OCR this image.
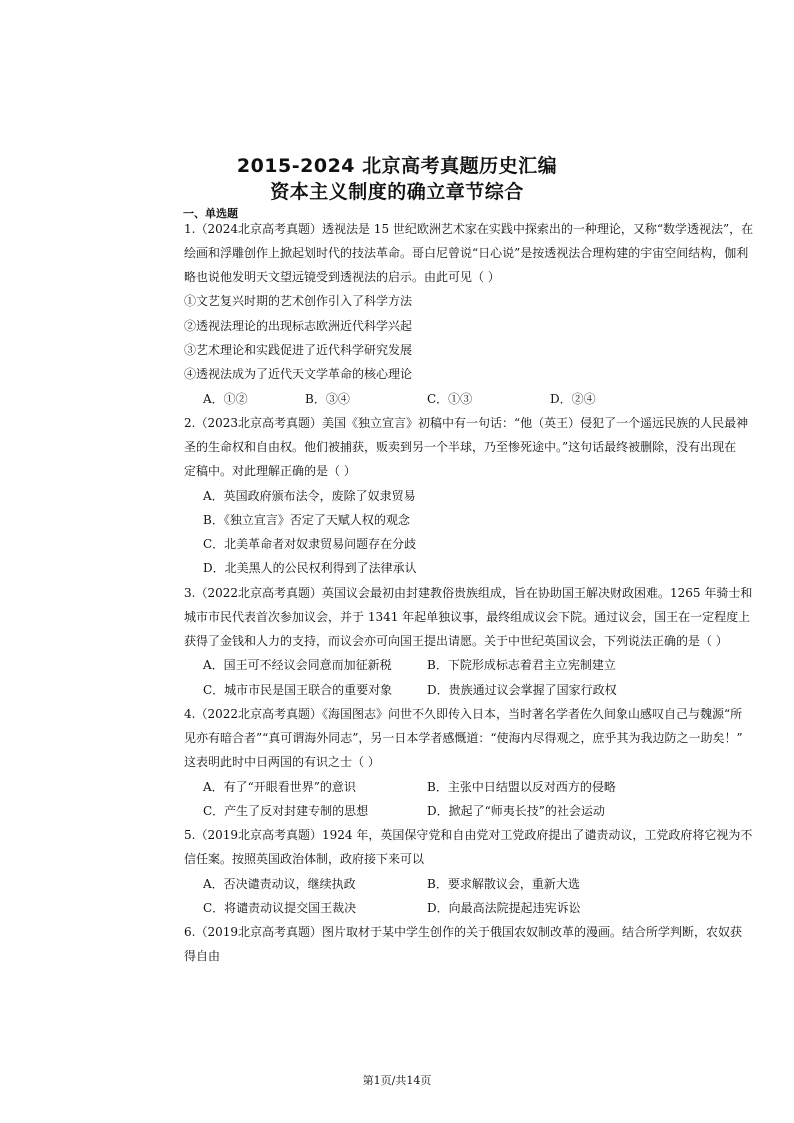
2015-2024 北京高考真题历史汇编
资本主义制度的确立章节综合
一、单选题
1.（2024北京高考真题）透视法是 15 世纪欧洲艺术家在实践中探索出的一种理论，又称“数学透视法”，在
绘画和浮雕创作上掀起划时代的技法革命。哥白尼曾说“日心说”是按透视法合理构建的宇宙空间结构，伽利
略也说他发明天文望远镜受到透视法的启示。由此可见（ ）
①文艺复兴时期的艺术创作引入了科学方法
②透视法理论的出现标志欧洲近代科学兴起
③艺术理论和实践促进了近代科学研究发展
④透视法成为了近代天文学革命的核心理论
A．①②	B．③④	C．①③	D．②④
2.（2023北京高考真题）美国《独立宣言》初稿中有一句话：“他（英王）侵犯了一个遥远民族的人民最神
圣的生命权和自由权。他们被捕获，贩卖到另一个半球，乃至惨死途中。”这句话最终被删除，没有出现在
定稿中。对此理解正确的是（ ）
A．英国政府颁布法令，废除了奴隶贸易
B．《独立宣言》否定了天赋人权的观念
C．北美革命者对奴隶贸易问题存在分歧
D．北美黑人的公民权利得到了法律承认
3.（2022北京高考真题）英国议会最初由封建教俗贵族组成，旨在协助国王解决财政困难。1265 年骑士和
城市市民代表首次参加议会，并于 1341 年起单独议事，最终组成议会下院。通过议会，国王在一定程度上
获得了金钱和人力的支持，而议会亦可向国王提出请愿。关于中世纪英国议会，下列说法正确的是（ ）
A．国王可不经议会同意而加征新税	B．下院形成标志着君主立宪制建立
C．城市市民是国王联合的重要对象	D．贵族通过议会掌握了国家行政权
4.（2022北京高考真题）《海国图志》问世不久即传入日本，当时著名学者佐久间象山感叹自己与魏源“所
见亦有暗合者”“真可谓海外同志”，另一日本学者感慨道：“使海内尽得观之，庶乎其为我边防之一助矣！”
这表明此时中日两国的有识之士（ ）
A．有了“开眼看世界”的意识	B．主张中日结盟以反对西方的侵略
C．产生了反对封建专制的思想	D．掀起了“师夷长技”的社会运动
5.（2019北京高考真题）1924 年，英国保守党和自由党对工党政府提出了谴责动议，工党政府将它视为不
信任案。按照英国政治体制，政府接下来可以
A．否决谴责动议，继续执政	B．要求解散议会，重新大选
C．将谴责动议提交国王裁决	D．向最高法院提起违宪诉讼
6.（2019北京高考真题）图片取材于某中学生创作的关于俄国农奴制改革的漫画。结合所学判断，农奴获
得自由
第1页/共14页
